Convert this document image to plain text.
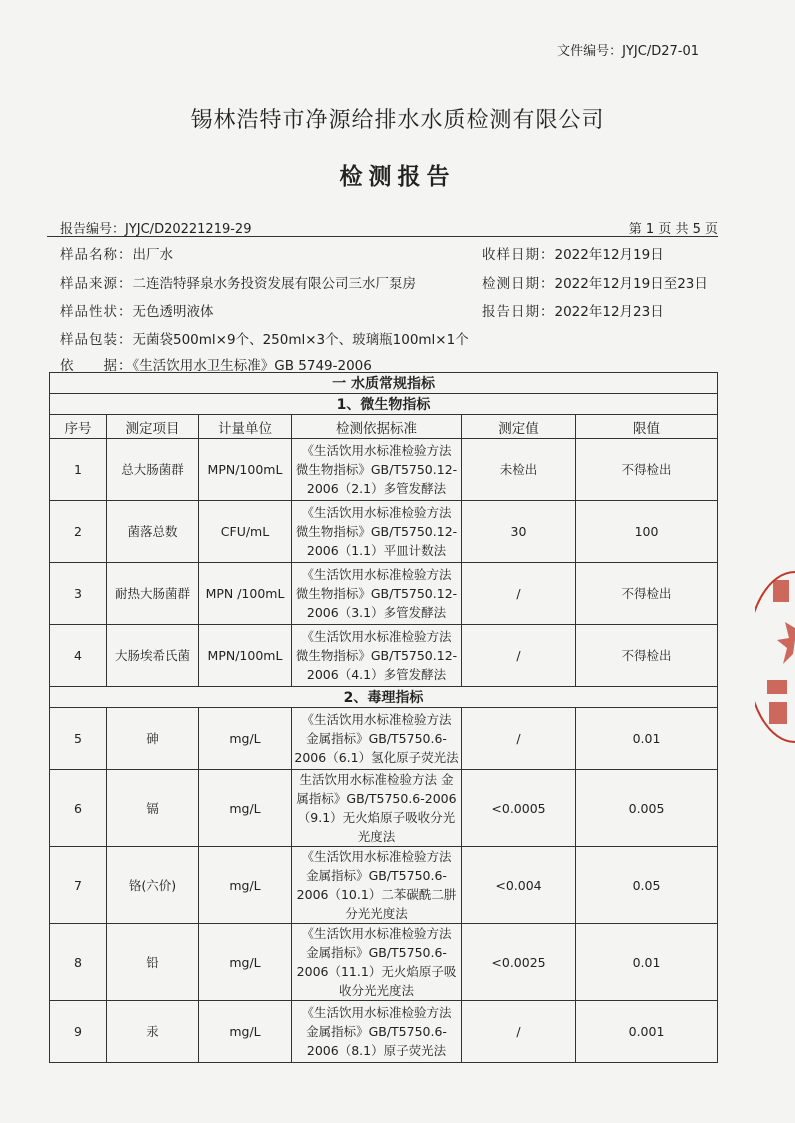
文件编号：JYJC/D27-01
锡林浩特市净源给排水水质检测有限公司
检测报告
报告编号：JYJC/D20221219-29	第 1 页 共 5 页
样品名称：出厂水	收样日期：2022年12月19日
样品来源：二连浩特驿泉水务投资发展有限公司三水厂泵房	检测日期：2022年12月19日至23日
样品性状：无色透明液体	报告日期：2022年12月23日
样品包装：无菌袋500ml×9个、250ml×3个、玻璃瓶100ml×1个
依　　据：《生活饮用水卫生标准》GB 5749-2006
一 水质常规指标					
1、微生物指标					
序号	测定项目	计量单位	检测依据标准	测定值	限值
1	总大肠菌群	MPN/100mL	《生活饮用水标准检验方法 微生物指标》GB/T5750.12-2006（2.1）多管发酵法	未检出	不得检出
2	菌落总数	CFU/mL	《生活饮用水标准检验方法 微生物指标》GB/T5750.12-2006（1.1）平皿计数法	30	100
3	耐热大肠菌群	MPN /100mL	《生活饮用水标准检验方法 微生物指标》GB/T5750.12-2006（3.1）多管发酵法	/	不得检出
4	大肠埃希氏菌	MPN/100mL	《生活饮用水标准检验方法 微生物指标》GB/T5750.12-2006（4.1）多管发酵法	/	不得检出
2、毒理指标					
5	砷	mg/L	《生活饮用水标准检验方法 金属指标》GB/T5750.6-2006（6.1）氢化原子荧光法	/	0.01
6	镉	mg/L	生活饮用水标准检验方法 金属指标》GB/T5750.6-2006（9.1）无火焰原子吸收分光光度法	<0.0005	0.005
7	铬(六价)	mg/L	《生活饮用水标准检验方法 金属指标》GB/T5750.6-2006（10.1）二苯碳酰二肼分光光度法	<0.004	0.05
8	铅	mg/L	《生活饮用水标准检验方法 金属指标》GB/T5750.6-2006（11.1）无火焰原子吸收分光光度法	<0.0025	0.01
9	汞	mg/L	《生活饮用水标准检验方法 金属指标》GB/T5750.6-2006（8.1）原子荧光法	/	0.001
